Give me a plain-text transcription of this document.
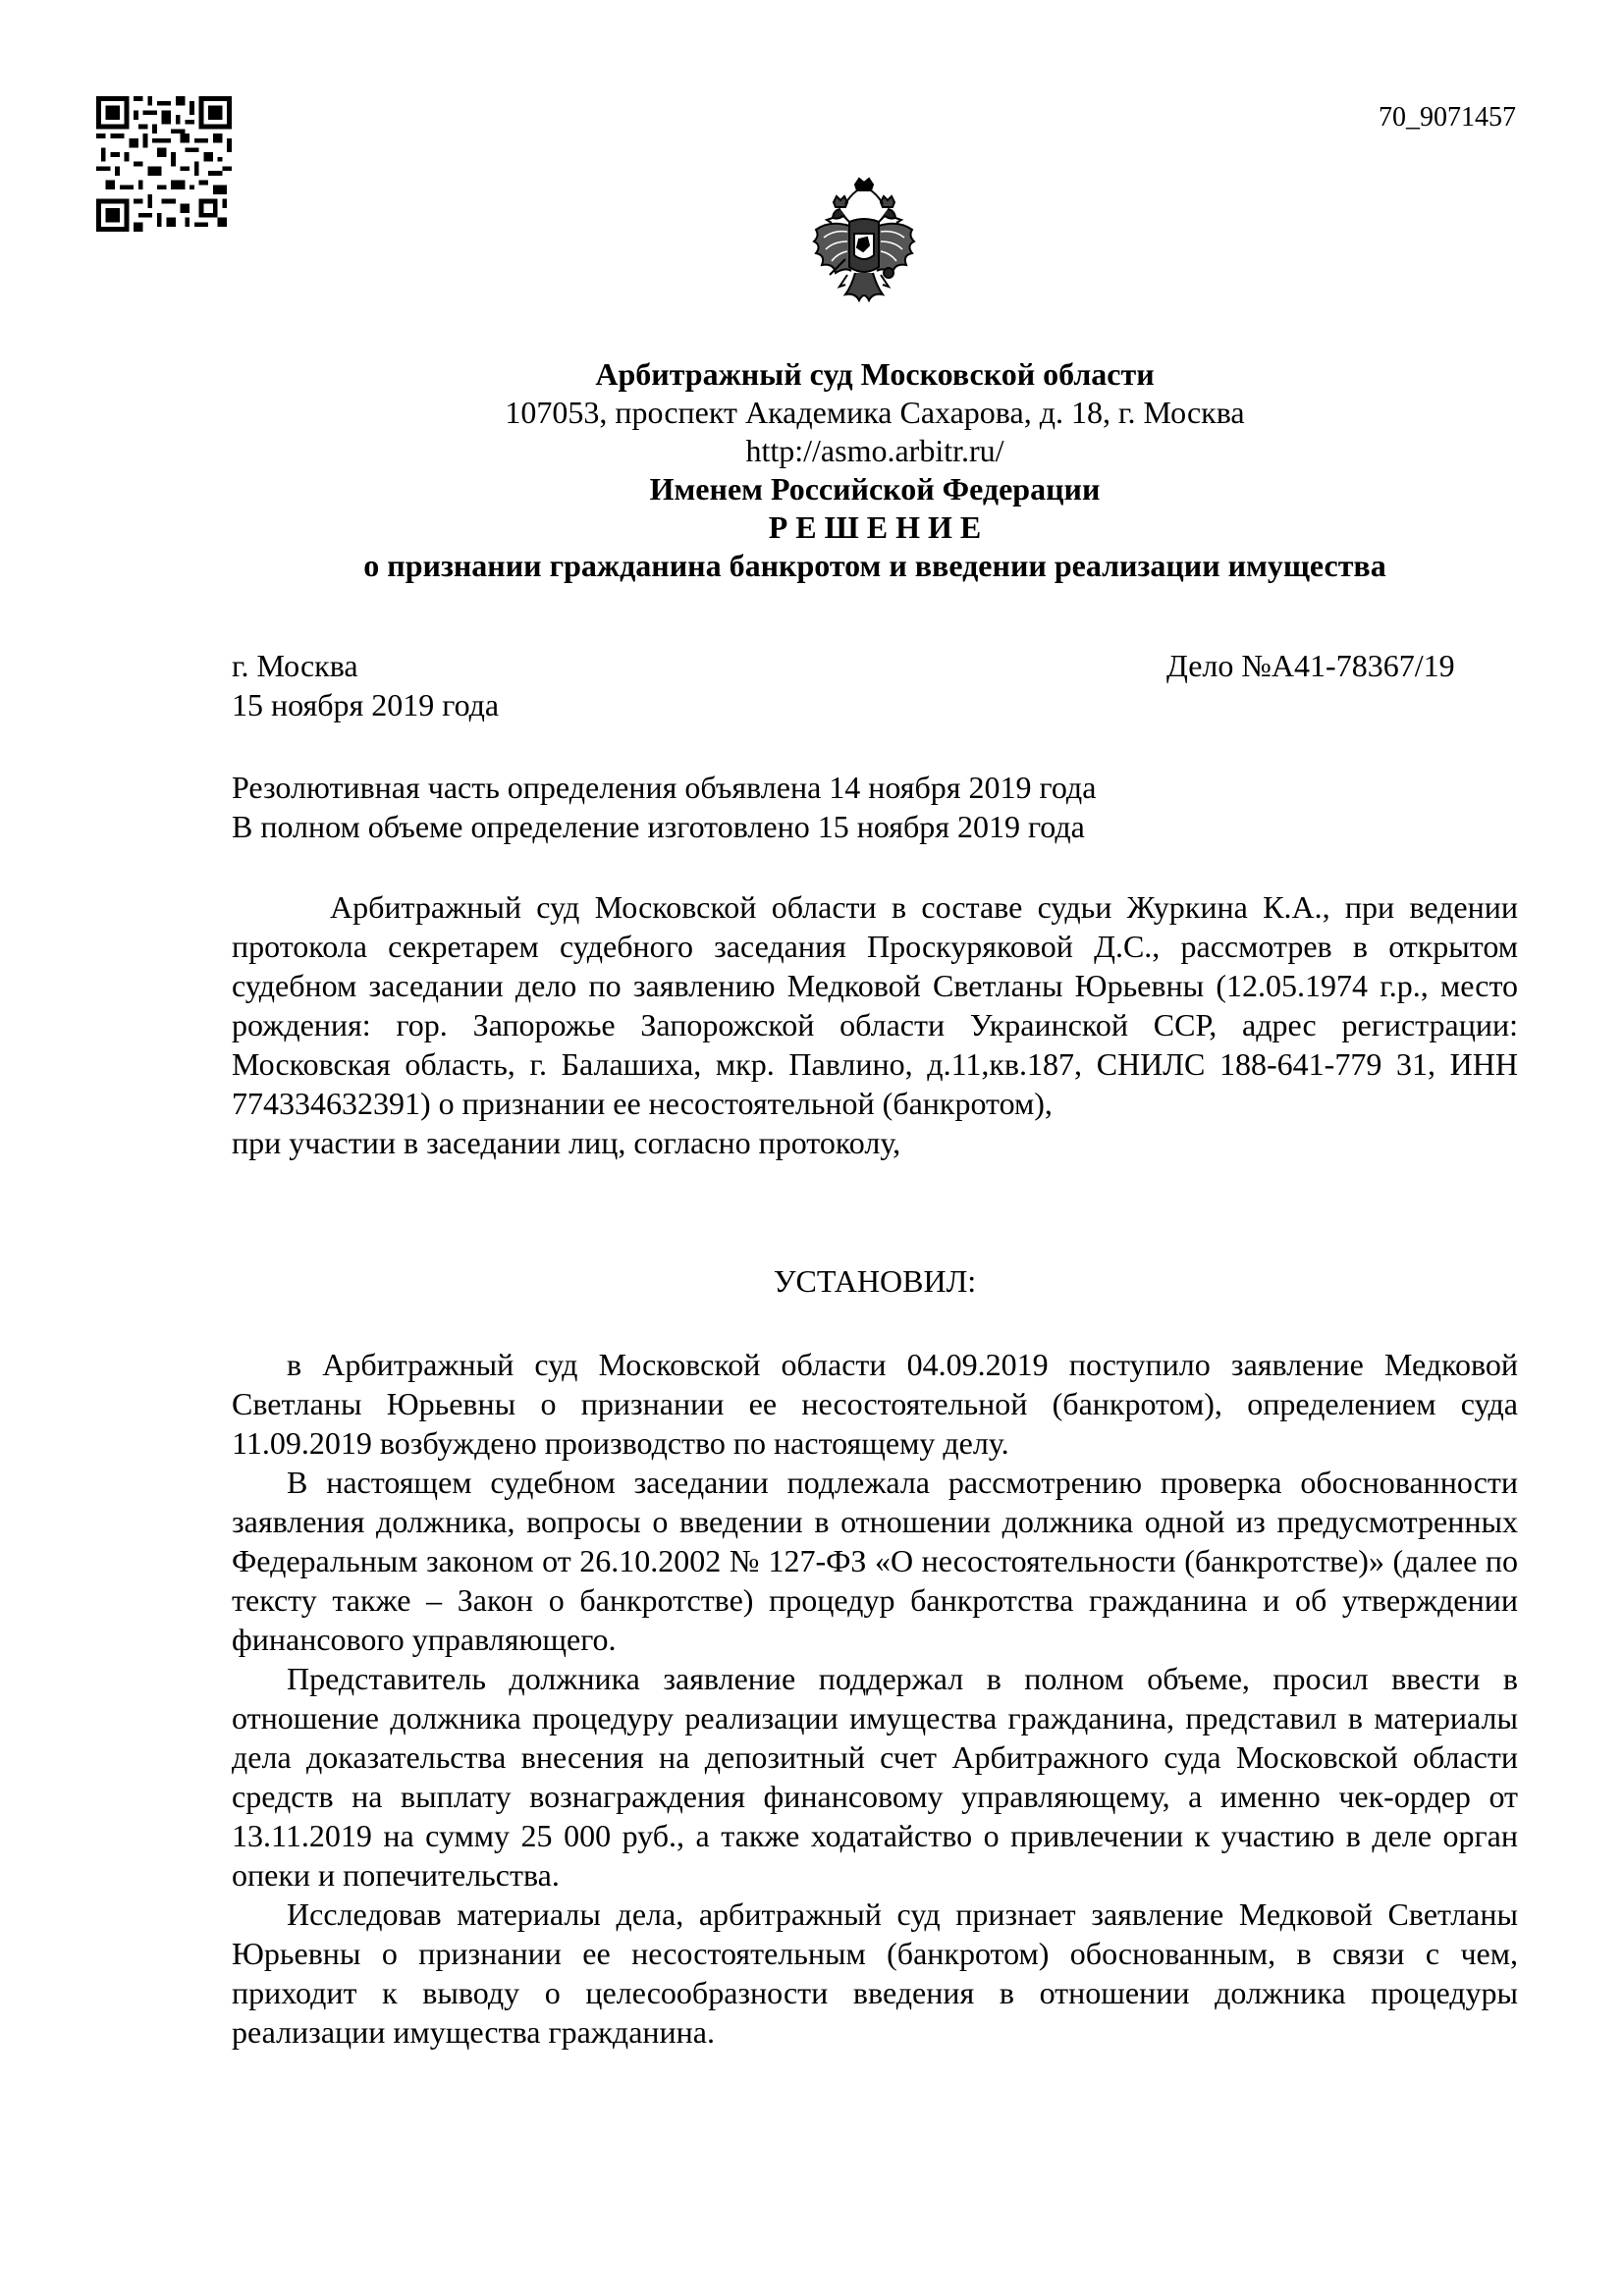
70_9071457
Арбитражный суд Московской области
107053, проспект Академика Сахарова, д. 18, г. Москва
http://asmo.arbitr.ru/
Именем Российской Федерации
Р Е Ш Е Н И Е
о признании гражданина банкротом и введении реализации имущества
г. Москва
15 ноября 2019 года
Дело №А41-78367/19
Резолютивная часть определения объявлена 14 ноября 2019 года
В полном объеме определение изготовлено 15 ноября 2019 года

Арбитражный суд Московской области в составе судьи Журкина К.А., при ведении протокола секретарем судебного заседания Проскуряковой Д.С., рассмотрев в открытом судебном заседании дело по заявлению Медковой Светланы Юрьевны (12.05.1974 г.р., место рождения: гор. Запорожье Запорожской области Украинской ССР, адрес регистрации: Московская область, г. Балашиха, мкр. Павлино, д.11,кв.187, СНИЛС 188-641-779 31, ИНН 774334632391) о признании ее несостоятельной (банкротом),

при участии в заседании лиц, согласно протоколу,

УСТАНОВИЛ:

в Арбитражный суд Московской области 04.09.2019 поступило заявление Медковой Светланы Юрьевны о признании ее несостоятельной (банкротом), определением суда 11.09.2019 возбуждено производство по настоящему делу.

В настоящем судебном заседании подлежала рассмотрению проверка обоснованности заявления должника, вопросы о введении в отношении должника одной из предусмотренных Федеральным законом от 26.10.2002 № 127-ФЗ «О несостоятельности (банкротстве)» (далее по тексту также – Закон о банкротстве) процедур банкротства гражданина и об утверждении финансового управляющего.

Представитель должника заявление поддержал в полном объеме, просил ввести в отношение должника процедуру реализации имущества гражданина, представил в материалы дела доказательства внесения на депозитный счет Арбитражного суда Московской области средств на выплату вознаграждения финансовому управляющему, а именно чек-ордер от 13.11.2019 на сумму 25 000 руб., а также ходатайство о привлечении к участию в деле орган опеки и попечительства.

Исследовав материалы дела, арбитражный суд признает заявление Медковой Светланы Юрьевны о признании ее несостоятельным (банкротом) обоснованным, в связи с чем, приходит к выводу о целесообразности введения в отношении должника процедуры реализации имущества гражданина.
